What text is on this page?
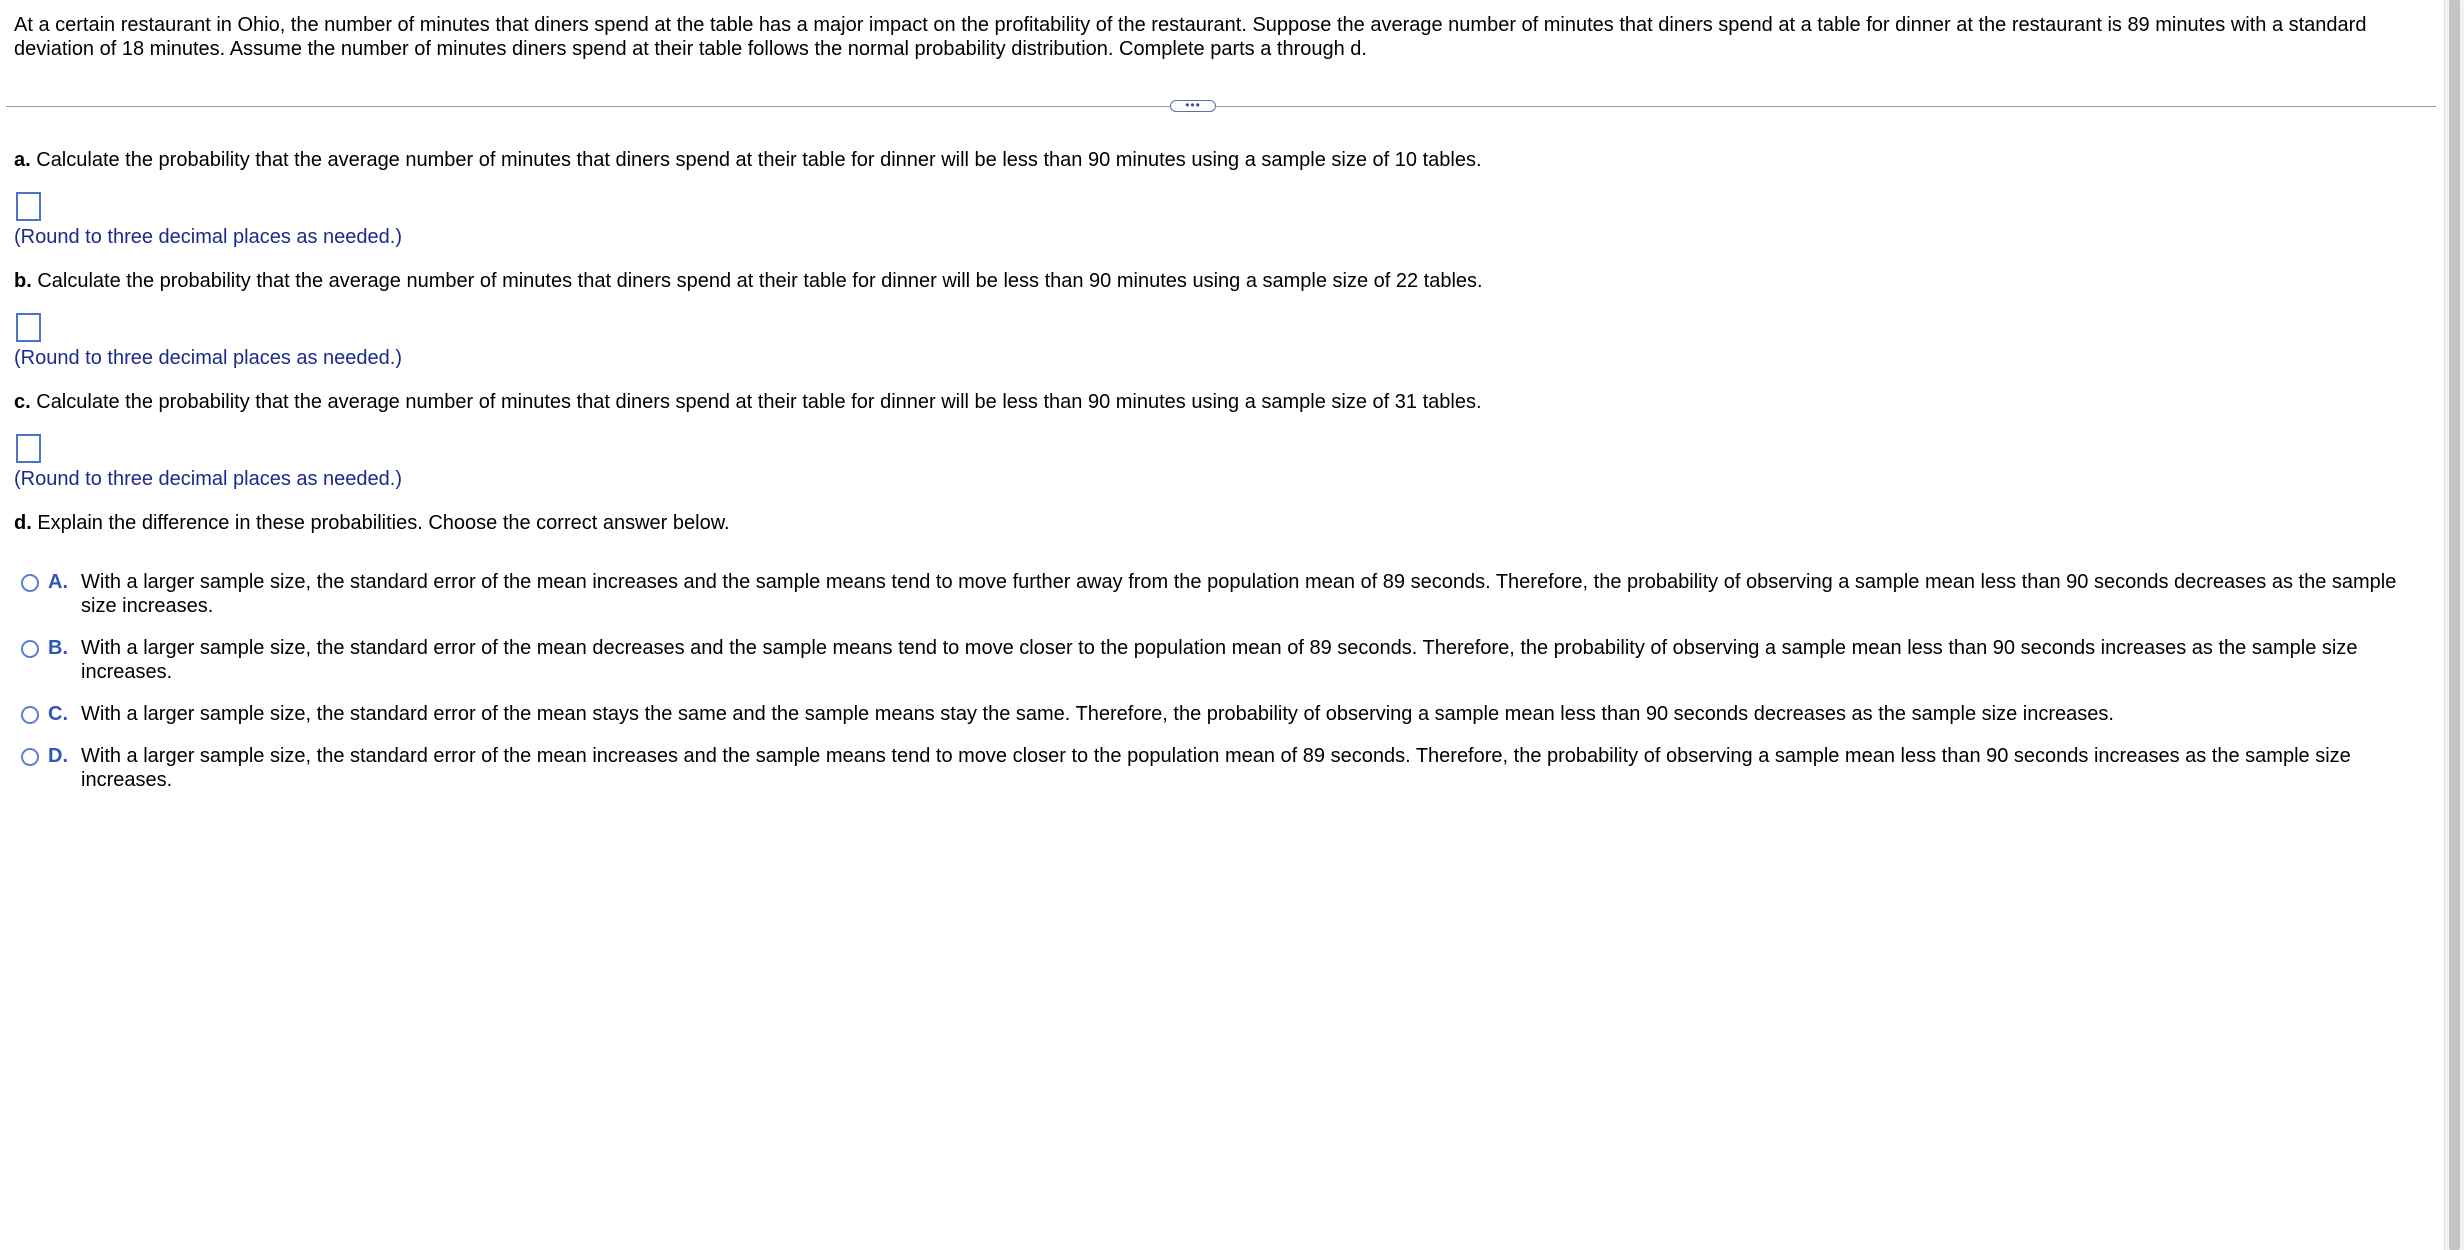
At a certain restaurant in Ohio, the number of minutes that diners spend at the table has a major impact on the profitability of the restaurant. Suppose the average number of minutes that diners spend at a table for dinner at the restaurant is 89 minutes with a standard deviation of 18 minutes. Assume the number of minutes diners spend at their table follows the normal probability distribution. Complete parts a through d.
•••
a. Calculate the probability that the average number of minutes that diners spend at their table for dinner will be less than 90 minutes using a sample size of 10 tables.
(Round to three decimal places as needed.)
b. Calculate the probability that the average number of minutes that diners spend at their table for dinner will be less than 90 minutes using a sample size of 22 tables.
(Round to three decimal places as needed.)
c. Calculate the probability that the average number of minutes that diners spend at their table for dinner will be less than 90 minutes using a sample size of 31 tables.
(Round to three decimal places as needed.)
d. Explain the difference in these probabilities. Choose the correct answer below.
A. With a larger sample size, the standard error of the mean increases and the sample means tend to move further away from the population mean of 89 seconds. Therefore, the probability of observing a sample mean less than 90 seconds decreases as the sample size increases.
B. With a larger sample size, the standard error of the mean decreases and the sample means tend to move closer to the population mean of 89 seconds. Therefore, the probability of observing a sample mean less than 90 seconds increases as the sample size increases.
C. With a larger sample size, the standard error of the mean stays the same and the sample means stay the same. Therefore, the probability of observing a sample mean less than 90 seconds decreases as the sample size increases.
D. With a larger sample size, the standard error of the mean increases and the sample means tend to move closer to the population mean of 89 seconds. Therefore, the probability of observing a sample mean less than 90 seconds increases as the sample size increases.
